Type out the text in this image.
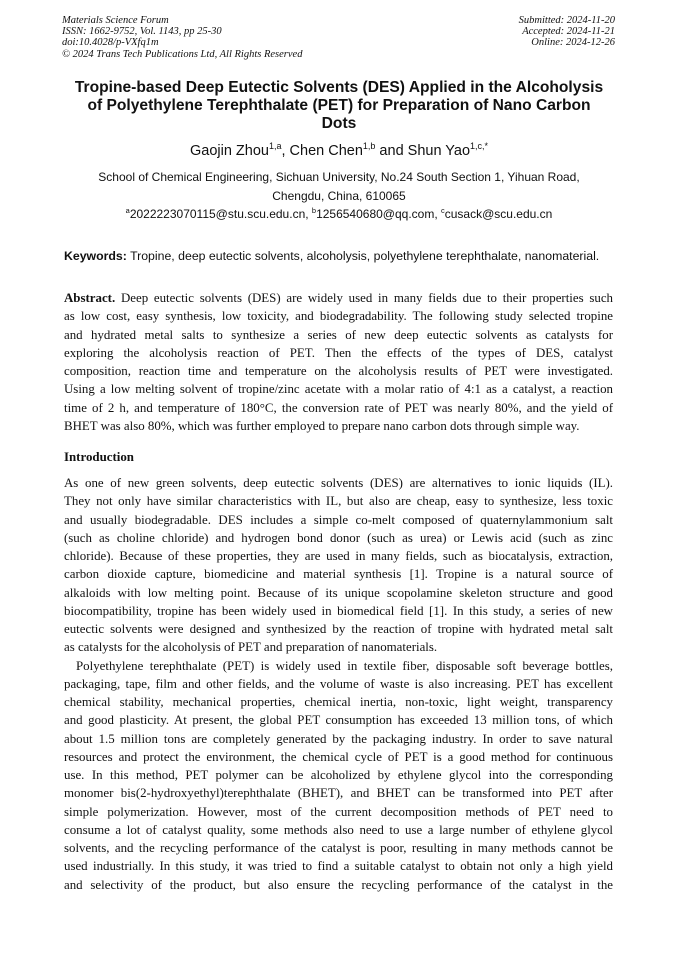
Materials Science Forum
ISSN: 1662-9752, Vol. 1143, pp 25-30
doi:10.4028/p-VXfq1m
© 2024 Trans Tech Publications Ltd, All Rights Reserved
Submitted: 2024-11-20
Accepted: 2024-11-21
Online: 2024-12-26
Tropine-based Deep Eutectic Solvents (DES) Applied in the Alcoholysis
of Polyethylene Terephthalate (PET) for Preparation of Nano Carbon
Dots
Gaojin Zhou$^{1,a}$, Chen Chen$^{1,b}$ and Shun Yao$^{1,c,*}$
School of Chemical Engineering, Sichuan University, No.24 South Section 1, Yihuan Road,
Chengdu, China, 610065
$^a$2022223070115@stu.scu.edu.cn, $^b$1256540680@qq.com, $^c$cusack@scu.edu.cn
Keywords: Tropine, deep eutectic solvents, alcoholysis, polyethylene terephthalate, nanomaterial.
Abstract. Deep eutectic solvents (DES) are widely used in many fields due to their properties such
as low cost, easy synthesis, low toxicity, and biodegradability. The following study selected tropine
and hydrated metal salts to synthesize a series of new deep eutectic solvents as catalysts for
exploring the alcoholysis reaction of PET. Then the effects of the types of DES, catalyst
composition, reaction time and temperature on the alcoholysis results of PET were investigated.
Using a low melting solvent of tropine/zinc acetate with a molar ratio of 4:1 as a catalyst, a reaction
time of 2 h, and temperature of 180°C, the conversion rate of PET was nearly 80%, and the yield of
BHET was also 80%, which was further employed to prepare nano carbon dots through simple way.
Introduction
As one of new green solvents, deep eutectic solvents (DES) are alternatives to ionic liquids (IL).
They not only have similar characteristics with IL, but also are cheap, easy to synthesize, less toxic
and usually biodegradable. DES includes a simple co-melt composed of quaternylammonium salt
(such as choline chloride) and hydrogen bond donor (such as urea) or Lewis acid (such as zinc
chloride). Because of these properties, they are used in many fields, such as biocatalysis, extraction,
carbon dioxide capture, biomedicine and material synthesis [1]. Tropine is a natural source of
alkaloids with low melting point. Because of its unique scopolamine skeleton structure and good
biocompatibility, tropine has been widely used in biomedical field [1]. In this study, a series of new
eutectic solvents were designed and synthesized by the reaction of tropine with hydrated metal salt
as catalysts for the alcoholysis of PET and preparation of nanomaterials.
Polyethylene terephthalate (PET) is widely used in textile fiber, disposable soft beverage bottles,
packaging, tape, film and other fields, and the volume of waste is also increasing. PET has excellent
chemical stability, mechanical properties, chemical inertia, non-toxic, light weight, transparency
and good plasticity. At present, the global PET consumption has exceeded 13 million tons, of which
about 1.5 million tons are completely generated by the packaging industry. In order to save natural
resources and protect the environment, the chemical cycle of PET is a good method for continuous
use. In this method, PET polymer can be alcoholized by ethylene glycol into the corresponding
monomer bis(2-hydroxyethyl)terephthalate (BHET), and BHET can be transformed into PET after
simple polymerization. However, most of the current decomposition methods of PET need to
consume a lot of catalyst quality, some methods also need to use a large number of ethylene glycol
solvents, and the recycling performance of the catalyst is poor, resulting in many methods cannot be
used industrially. In this study, it was tried to find a suitable catalyst to obtain not only a high yield
and selectivity of the product, but also ensure the recycling performance of the catalyst in the
